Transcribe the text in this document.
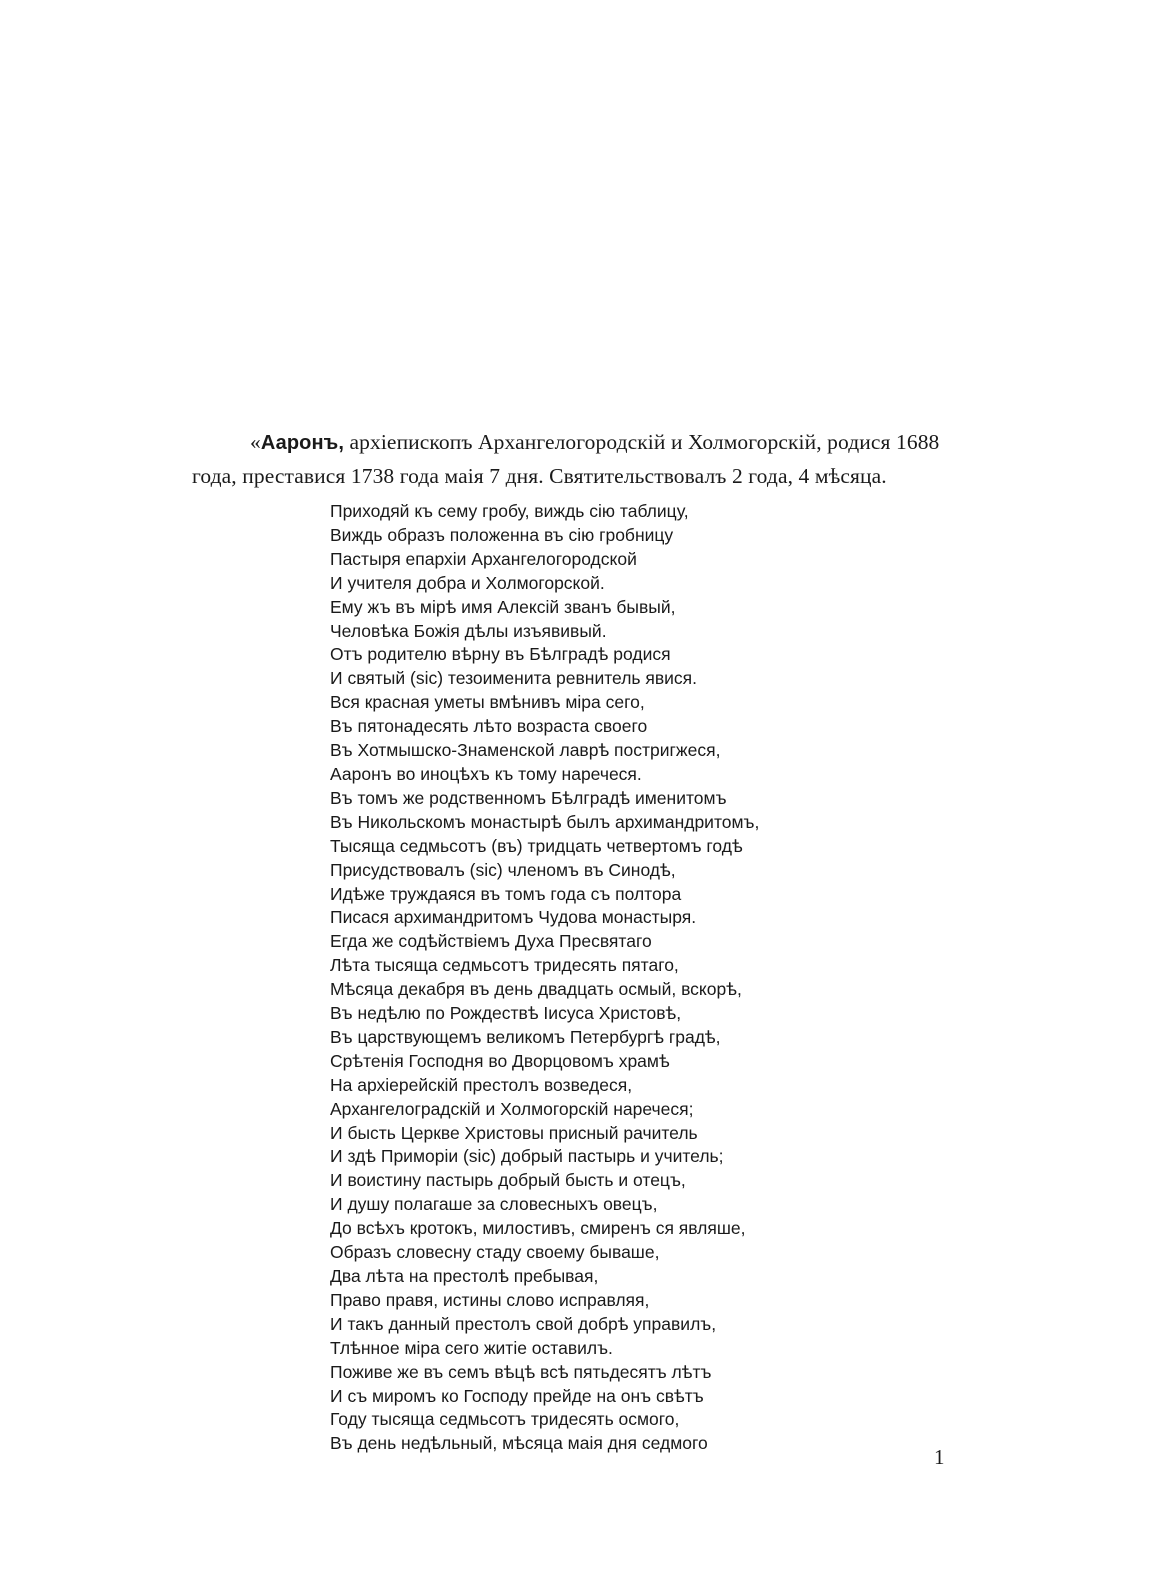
«Ааронъ, архіепископъ Архангелогородскій и Холмогорскій, родися 1688
года, преставися 1738 года маія 7 дня. Святительствовалъ 2 года, 4 мѣсяца.
Приходяй къ сему гробу, виждь сію таблицу,
Виждь образъ положенна въ сію гробницу
Пастыря епархіи Архангелогородской
И учителя добра и Холмогорской.
Ему жъ въ мірѣ имя Алексій званъ бывый,
Человѣка Божія дѣлы изъявивый.
Отъ родителю вѣрну въ Бѣлградѣ родися
И святый (sic) тезоименита ревнитель явися.
Вся красная уметы вмѣнивъ міра сего,
Въ пятонадесять лѣто возраста своего
Въ Хотмышско-Знаменской лаврѣ постригжеся,
Ааронъ во иноцѣхъ къ тому наречеся.
Въ томъ же родственномъ Бѣлградѣ именитомъ
Въ Никольскомъ монастырѣ былъ архимандритомъ,
Тысяща седмьсотъ (въ) тридцать четвертомъ годѣ
Присудствовалъ (sic) членомъ въ Синодѣ,
Идѣже труждаяся въ томъ года съ полтора
Писася архимандритомъ Чудова монастыря.
Егда же содѣйствіемъ Духа Пресвятаго
Лѣта тысяща седмьсотъ тридесять пятаго,
Мѣсяца декабря въ день двадцать осмый, вскорѣ,
Въ недѣлю по Рождествѣ Іисуса Христовѣ,
Въ царствующемъ великомъ Петербургѣ градѣ,
Срѣтенія Господня во Дворцовомъ храмѣ
На архіерейскій престолъ возведеся,
Архангелоградскій и Холмогорскій наречеся;
И бысть Церкве Христовы присный рачитель
И здѣ Приморіи (sic) добрый пастырь и учитель;
И воистину пастырь добрый бысть и отецъ,
И душу полагаше за словесныхъ овецъ,
До всѣхъ кротокъ, милостивъ, смиренъ ся являше,
Образъ словесну стаду своему бываше,
Два лѣта на престолѣ пребывая,
Право правя, истины слово исправляя,
И такъ данный престолъ свой добрѣ управилъ,
Тлѣнное міра сего житіе оставилъ.
Поживе же въ семъ вѣцѣ всѣ пятьдесятъ лѣтъ
И съ миромъ ко Господу прейде на онъ свѣтъ
Году тысяща седмьсотъ тридесять осмого,
Въ день недѣльный, мѣсяца маія дня седмого
1
